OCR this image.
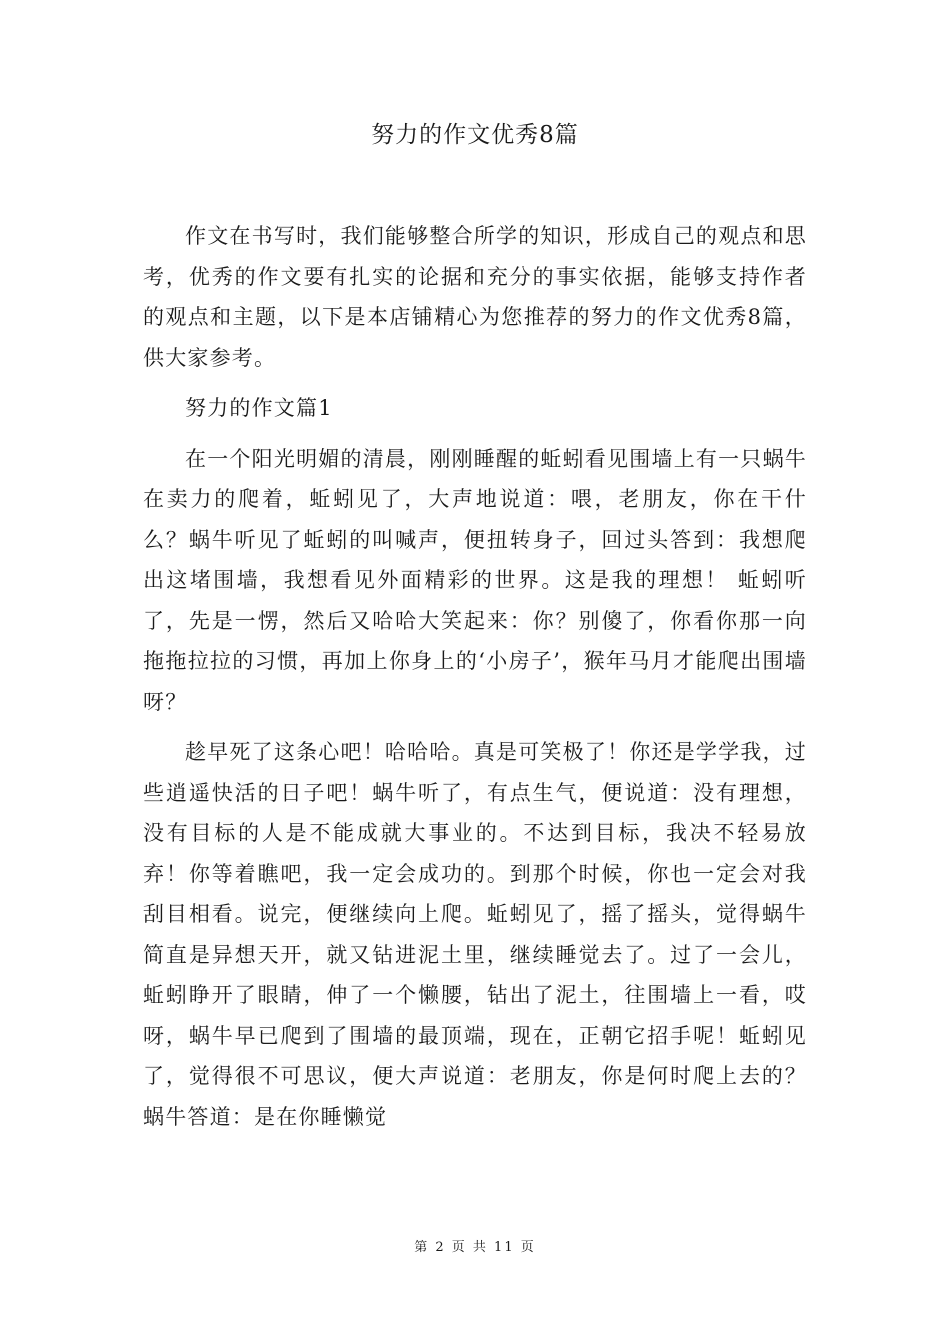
努力的作文优秀8篇

作文在书写时，我们能够整合所学的知识，形成自己的观点和思考，优秀的作文要有扎实的论据和充分的事实依据，能够支持作者的观点和主题，以下是本店铺精心为您推荐的努力的作文优秀8篇，供大家参考。

努力的作文篇1

在一个阳光明媚的清晨，刚刚睡醒的蚯蚓看见围墙上有一只蜗牛在卖力的爬着，蚯蚓见了，大声地说道：喂，老朋友，你在干什么？蜗牛听见了蚯蚓的叫喊声，便扭转身子，回过头答到：我想爬出这堵围墙，我想看见外面精彩的世界。这是我的理想！ 蚯蚓听了，先是一愣，然后又哈哈大笑起来：你？别傻了，你看你那一向拖拖拉拉的习惯，再加上你身上的‘小房子’，猴年马月才能爬出围墙呀？

趁早死了这条心吧！哈哈哈。真是可笑极了！你还是学学我，过些逍遥快活的日子吧！蜗牛听了，有点生气，便说道：没有理想，没有目标的人是不能成就大事业的。不达到目标，我决不轻易放弃！你等着瞧吧，我一定会成功的。到那个时候，你也一定会对我刮目相看。说完，便继续向上爬。蚯蚓见了，摇了摇头，觉得蜗牛简直是异想天开，就又钻进泥土里，继续睡觉去了。过了一会儿，蚯蚓睁开了眼睛，伸了一个懒腰，钻出了泥土，往围墙上一看，哎呀，蜗牛早已爬到了围墙的最顶端，现在，正朝它招手呢！蚯蚓见了，觉得很不可思议，便大声说道：老朋友，你是何时爬上去的？蜗牛答道：是在你睡懒觉

第 2 页 共 11 页
